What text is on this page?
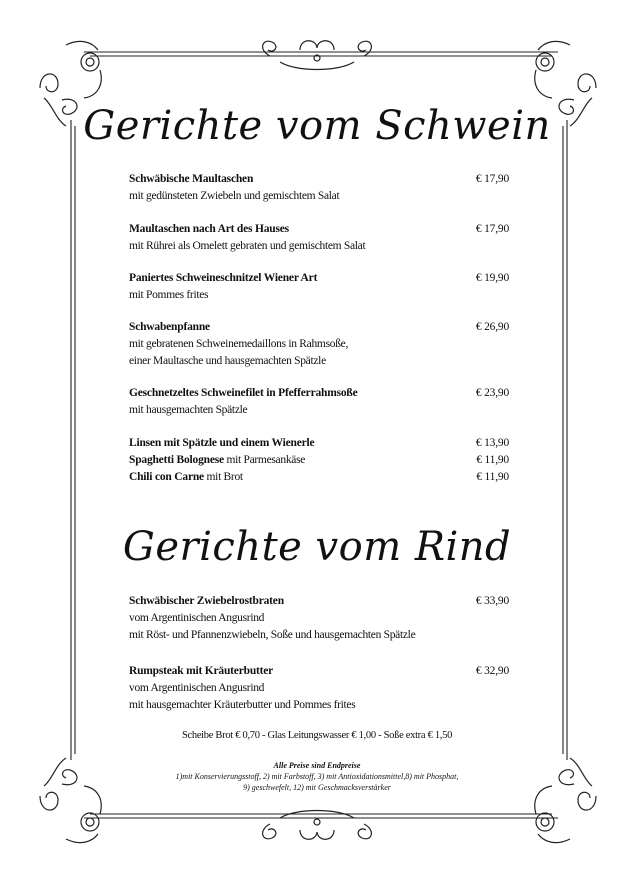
Gerichte vom Schwein
Schwäbische Maultaschen	€ 17,90
mit gedünsteten Zwiebeln und gemischtem Salat
Maultaschen nach Art des Hauses	€ 17,90
mit Rührei als Omelett gebraten und gemischtem Salat
Paniertes Schweineschnitzel Wiener Art	€ 19,90
mit Pommes frites
Schwabenpfanne	€ 26,90
mit gebratenen Schweinemedaillons in Rahmsoße,
einer Maultasche und hausgemachten Spätzle
Geschnetzeltes Schweinefilet in Pfefferrahmsoße	€ 23,90
mit hausgemachten Spätzle
Linsen mit Spätzle und einem Wienerle	€ 13,90
Spaghetti Bolognese mit Parmesankäse	€ 11,90
Chili con Carne mit Brot	€ 11,90
Gerichte vom Rind
Schwäbischer Zwiebelrostbraten	€ 33,90
vom Argentinischen Angusrind
mit Röst- und Pfannenzwiebeln, Soße und hausgemachten Spätzle
Rumpsteak mit Kräuterbutter	€ 32,90
vom Argentinischen Angusrind
mit hausgemachter Kräuterbutter und Pommes frites
Scheibe Brot € 0,70 - Glas Leitungswasser € 1,00 - Soße extra € 1,50
Alle Preise sind Endpreise
1)mit Konservierungsstoff, 2) mit Farbstoff, 3) mit Antioxidationsmittel,8) mit Phosphat,
9) geschwefelt, 12) mit Geschmacksverstärker
